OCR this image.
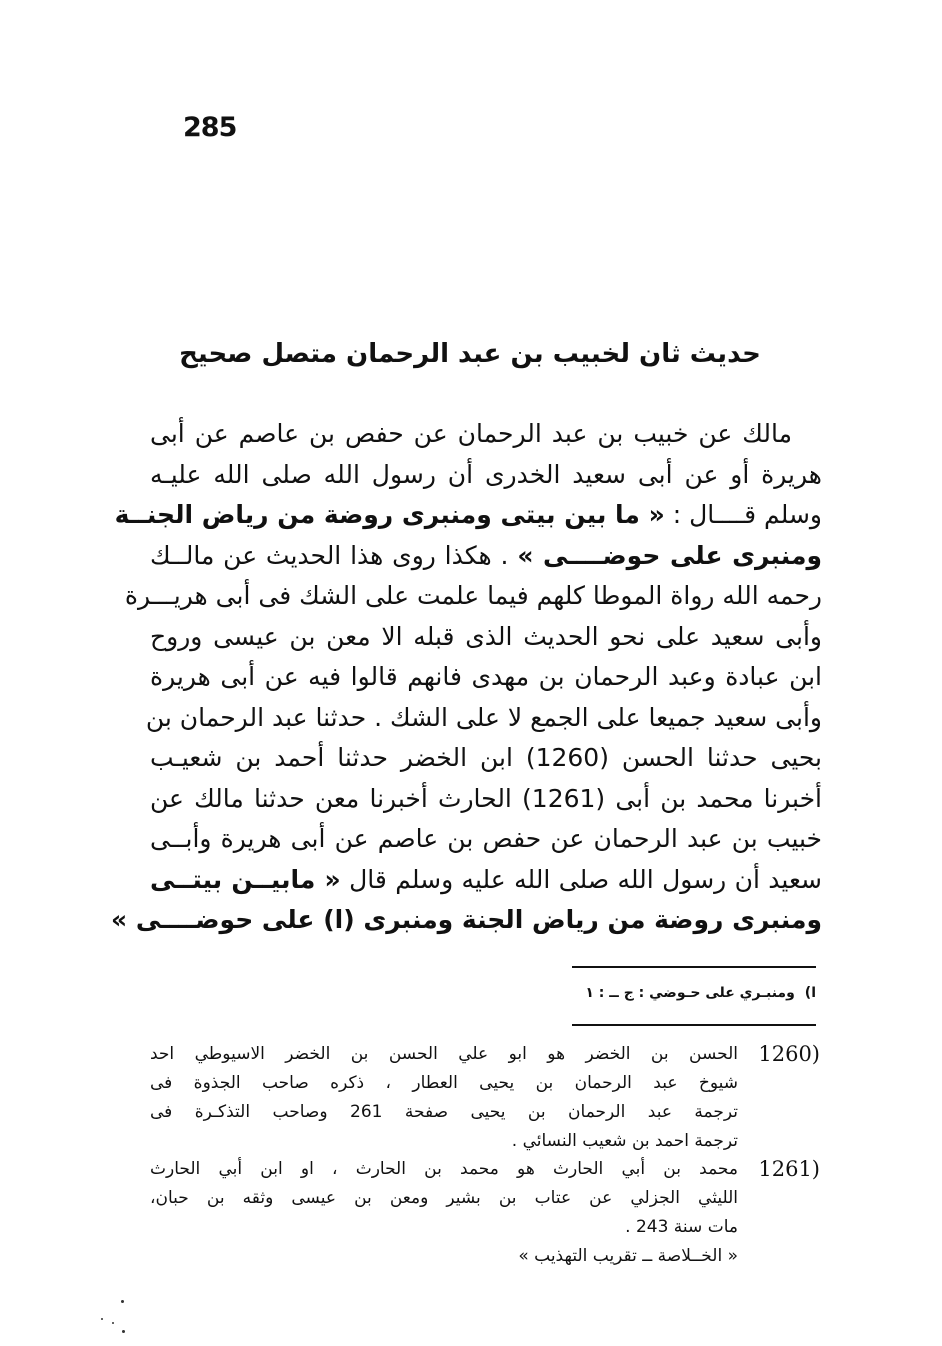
285
حديث ثان لخبيب بن عبد الرحمان متصل صحيح
مالك عن خبيب بن عبد الرحمان عن حفص بن عاصم عن أبى
هريرة أو عن أبى سعيد الخدرى أن رسول الله صلى الله عليـه
وسلم قــــال : « ما بين بيتى ومنبرى روضة من رياض الجنــة
ومنبرى على حوضــــى » . هكذا روى هذا الحديث عن مالــك
رحمه الله رواة الموطا كلهم فيما علمت على الشك فى أبى هريـــرة
وأبى سعيد على نحو الحديث الذى قبله الا معن بن عيسى وروح
ابن عبادة وعبد الرحمان بن مهدى فانهم قالوا فيه عن أبى هريرة
وأبى سعيد جميعا على الجمع لا على الشك . حدثنا عبد الرحمان بن
بحيى حدثنا الحسن (1260) ابن الخضر حدثنا أحمد بن شعيـب
أخبرنا محمد بن أبى (1261) الحارث أخبرنا معن حدثنا مالك عن
خبيب بن عبد الرحمان عن حفص بن عاصم عن أبى هريرة وأبــى
سعيد أن رسول الله صلى الله عليه وسلم قال « مابيــن بيتــى
ومنبرى روضة من رياض الجنة ومنبرى (ا) على حوضــــى »
ا)
ومنبـري على حـوضي : ج ــ : ١
1260)
الحسن بن الخضر هو ابو علي الحسن بن الخضر الاسيوطي احد
شيوخ عبد الرحمان بن يحيى العطار ، ذكره صاحب الجذوة فى
ترجمة عبد الرحمان بن يحيى صفحة 261 وصاحب التذكـرة فى
ترجمة احمد بن شعيب النسائي .
1261)
محمد بن أبي الحارث هو محمد بن الحارث ، او ابن أبي الحارث
الليثي الجزلي عن عتاب بن بشير ومعن بن عيسى وثقه بن حبان،
مات سنة 243 .
« الخــلاصة ــ تقريب التهذيب »
